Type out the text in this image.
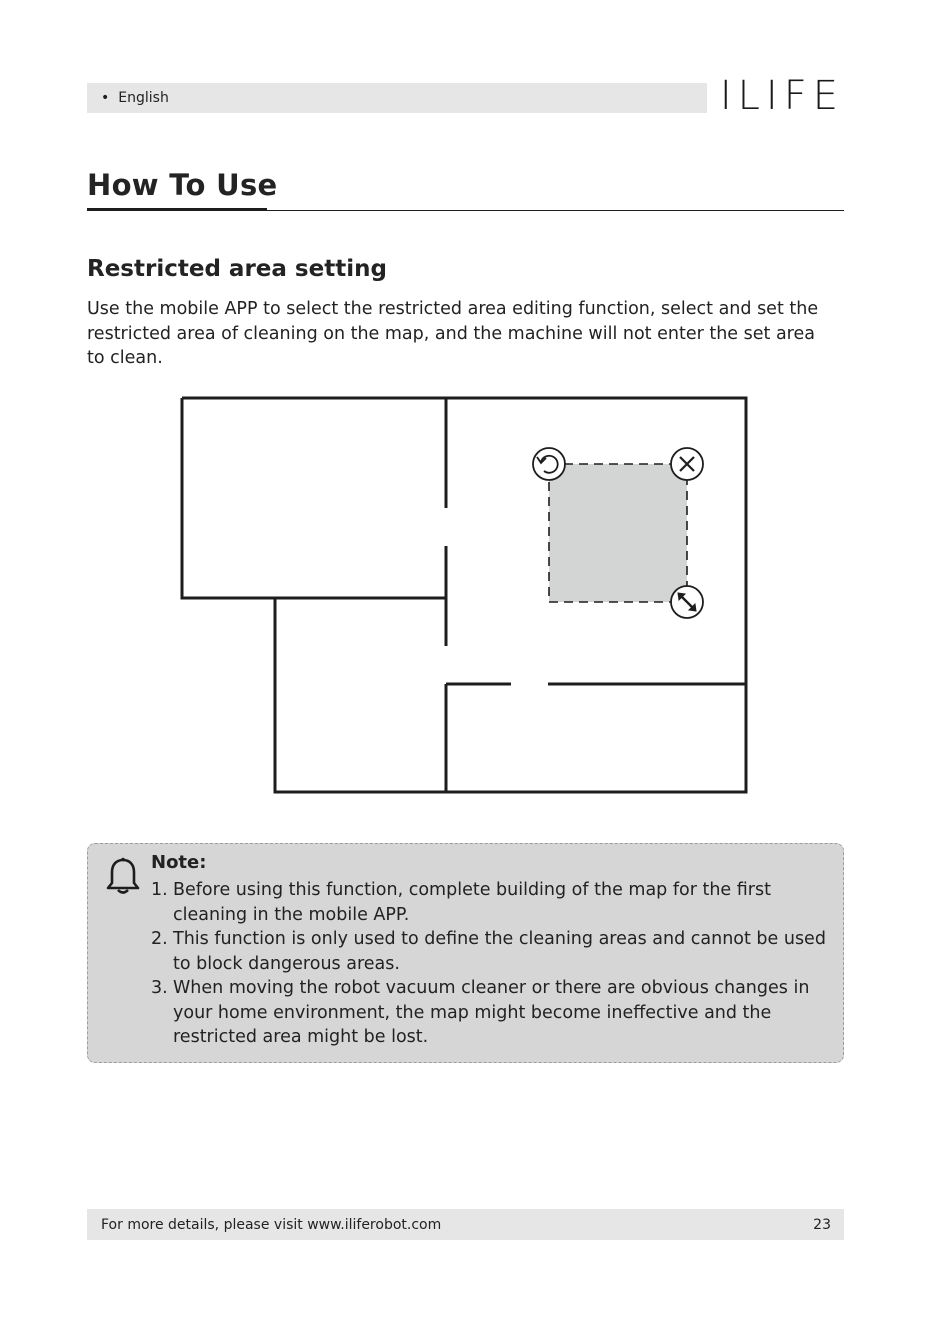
• English	ILIFE
How To Use
Restricted area setting
Use the mobile APP to select the restricted area editing function, select and set the restricted area of cleaning on the map, and the machine will not enter the set area to clean.
Note:
1. Before using this function, complete building of the map for the first cleaning in the mobile APP.
2. This function is only used to define the cleaning areas and cannot be used to block dangerous areas.
3. When moving the robot vacuum cleaner or there are obvious changes in your home environment, the map might become ineffective and the restricted area might be lost.
For more details, please visit www.iliferobot.com	23
